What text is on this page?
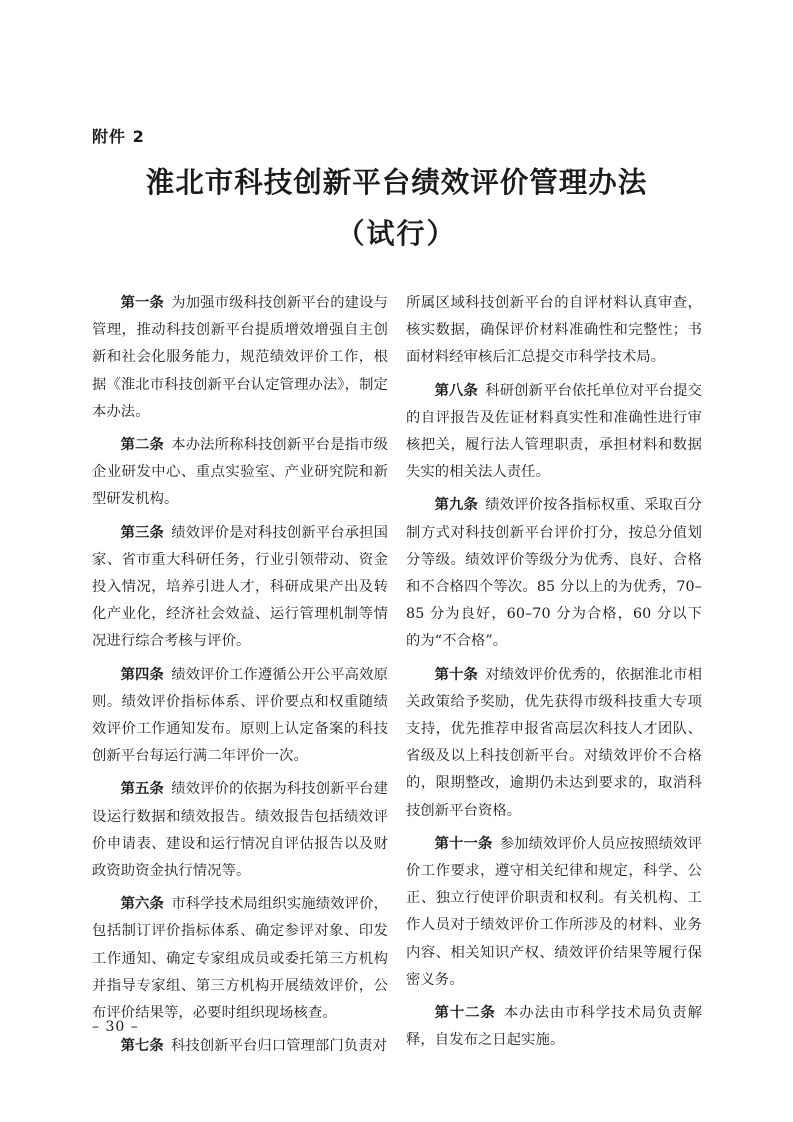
附件 2
淮北市科技创新平台绩效评价管理办法
（试行）

第一条  为加强市级科技创新平台的建设与管理，推动科技创新平台提质增效增强自主创新和社会化服务能力，规范绩效评价工作，根据《淮北市科技创新平台认定管理办法》，制定本办法。

第二条  本办法所称科技创新平台是指市级企业研发中心、重点实验室、产业研究院和新型研发机构。

第三条  绩效评价是对科技创新平台承担国家、省市重大科研任务，行业引领带动、资金投入情况，培养引进人才，科研成果产出及转化产业化，经济社会效益、运行管理机制等情况进行综合考核与评价。

第四条  绩效评价工作遵循公开公平高效原则。绩效评价指标体系、评价要点和权重随绩效评价工作通知发布。原则上认定备案的科技创新平台每运行满二年评价一次。

第五条  绩效评价的依据为科技创新平台建设运行数据和绩效报告。绩效报告包括绩效评价申请表、建设和运行情况自评估报告以及财政资助资金执行情况等。

第六条  市科学技术局组织实施绩效评价，包括制订评价指标体系、确定参评对象、印发工作通知、确定专家组成员或委托第三方机构并指导专家组、第三方机构开展绩效评价，公布评价结果等，必要时组织现场核查。

第七条  科技创新平台归口管理部门负责对

所属区域科技创新平台的自评材料认真审查，核实数据，确保评价材料准确性和完整性；书面材料经审核后汇总提交市科学技术局。

第八条  科研创新平台依托单位对平台提交的自评报告及佐证材料真实性和准确性进行审核把关，履行法人管理职责，承担材料和数据失实的相关法人责任。

第九条  绩效评价按各指标权重、采取百分制方式对科技创新平台评价打分，按总分值划分等级。绩效评价等级分为优秀、良好、合格和不合格四个等次。85 分以上的为优秀，70–85 分为良好，60–70 分为合格，60 分以下的为“不合格”。

第十条  对绩效评价优秀的，依据淮北市相关政策给予奖励，优先获得市级科技重大专项支持，优先推荐申报省高层次科技人才团队、省级及以上科技创新平台。对绩效评价不合格的，限期整改，逾期仍未达到要求的，取消科技创新平台资格。

第十一条  参加绩效评价人员应按照绩效评价工作要求，遵守相关纪律和规定，科学、公正、独立行使评价职责和权利。有关机构、工作人员对于绩效评价工作所涉及的材料、业务内容、相关知识产权、绩效评价结果等履行保密义务。

第十二条  本办法由市科学技术局负责解释，自发布之日起实施。

– 30 –
